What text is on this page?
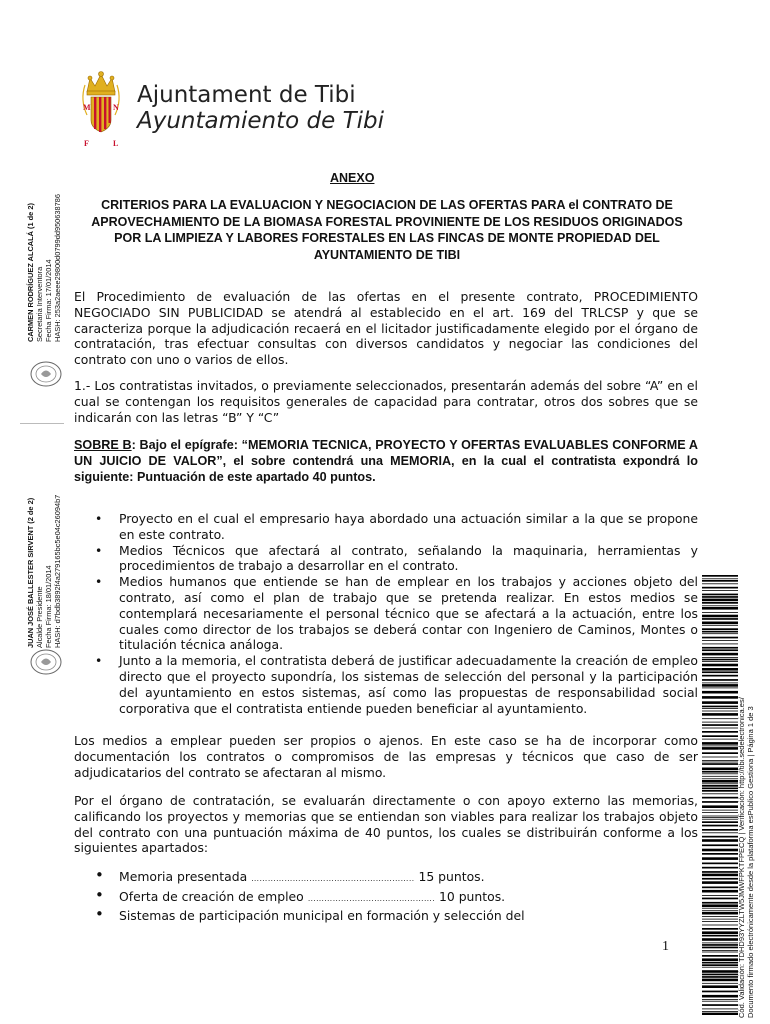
M	N
F	L
Ajuntament de Tibi
Ayuntamiento de Tibi
CARMEN RODRÍGUEZ ALCALÁ (1 de 2) Secretaria Interventora Fecha Firma: 17/01/2014 HASH: 253a2aeee29800d0799dd950638786
JUAN JOSÉ BALLESTER SIRVENT (2 de 2) Alcalde Presidente Fecha Firma: 18/01/2014 HASH: d7bdb3892f4a279165bc5e04c26094b7
Cód. Validación: TDHD93YYZLTW5JMWFPKTFPECQ | Verificación: http://tibi.sedelectronica.es/ Documento firmado electrónicamente desde la plataforma esPublico Gestiona | Página 1 de 3
ANEXO
CRITERIOS PARA LA EVALUACION Y NEGOCIACION DE LAS OFERTAS PARA el CONTRATO DE APROVECHAMIENTO DE LA BIOMASA FORESTAL PROVINIENTE DE LOS RESIDUOS ORIGINADOS POR LA LIMPIEZA Y LABORES FORESTALES EN LAS FINCAS DE MONTE PROPIEDAD DEL AYUNTAMIENTO DE TIBI

El Procedimiento de evaluación de las ofertas en el presente contrato, PROCEDIMIENTO NEGOCIADO SIN PUBLICIDAD se atendrá al establecido en el art. 169 del TRLCSP y que se caracteriza porque la adjudicación recaerá en el licitador justificadamente elegido por el órgano de contratación, tras efectuar consultas con diversos candidatos y negociar las condiciones del contrato con uno o varios de ellos.

1.- Los contratistas invitados, o previamente seleccionados, presentarán además del sobre “A” en el cual se contengan los requisitos generales de capacidad para contratar, otros dos sobres que se indicarán con las letras “B” Y “C”

SOBRE B: Bajo el epígrafe: “MEMORIA TECNICA, PROYECTO Y OFERTAS EVALUABLES CONFORME A UN JUICIO DE VALOR”, el sobre contendrá una MEMORIA, en la cual el contratista expondrá lo siguiente: Puntuación de este apartado 40 puntos.

• Proyecto en el cual el empresario haya abordado una actuación similar a la que se propone en este contrato.
• Medios Técnicos que afectará al contrato, señalando la maquinaria, herramientas y procedimientos de trabajo a desarrollar en el contrato.
• Medios humanos que entiende se han de emplear en los trabajos y acciones objeto del contrato, así como el plan de trabajo que se pretenda realizar. En estos medios se contemplará necesariamente el personal técnico que se afectará a la actuación, entre los cuales como director de los trabajos se deberá contar con Ingeniero de Caminos, Montes o titulación técnica análoga.
• Junto a la memoria, el contratista deberá de justificar adecuadamente la creación de empleo directo que el proyecto supondría, los sistemas de selección del personal y la participación del ayuntamiento en estos sistemas, así como las propuestas de responsabilidad social corporativa que el contratista entiende pueden beneficiar al ayuntamiento.

Los medios a emplear pueden ser propios o ajenos. En este caso se ha de incorporar como documentación los contratos o compromisos de las empresas y técnicos que caso de ser adjudicatarios del contrato se afectaran al mismo.

Por el órgano de contratación, se evaluarán directamente o con apoyo externo las memorias, calificando los proyectos y memorias que se entiendan son viables para realizar los trabajos objeto del contrato con una puntuación máxima de 40 puntos, los cuales se distribuirán conforme a los siguientes apartados:

• Memoria presentada ………………………………………………….. 15 puntos.
• Oferta de creación de empleo ………………………………………. 10 puntos.
• Sistemas de participación municipal en formación y selección del
1
